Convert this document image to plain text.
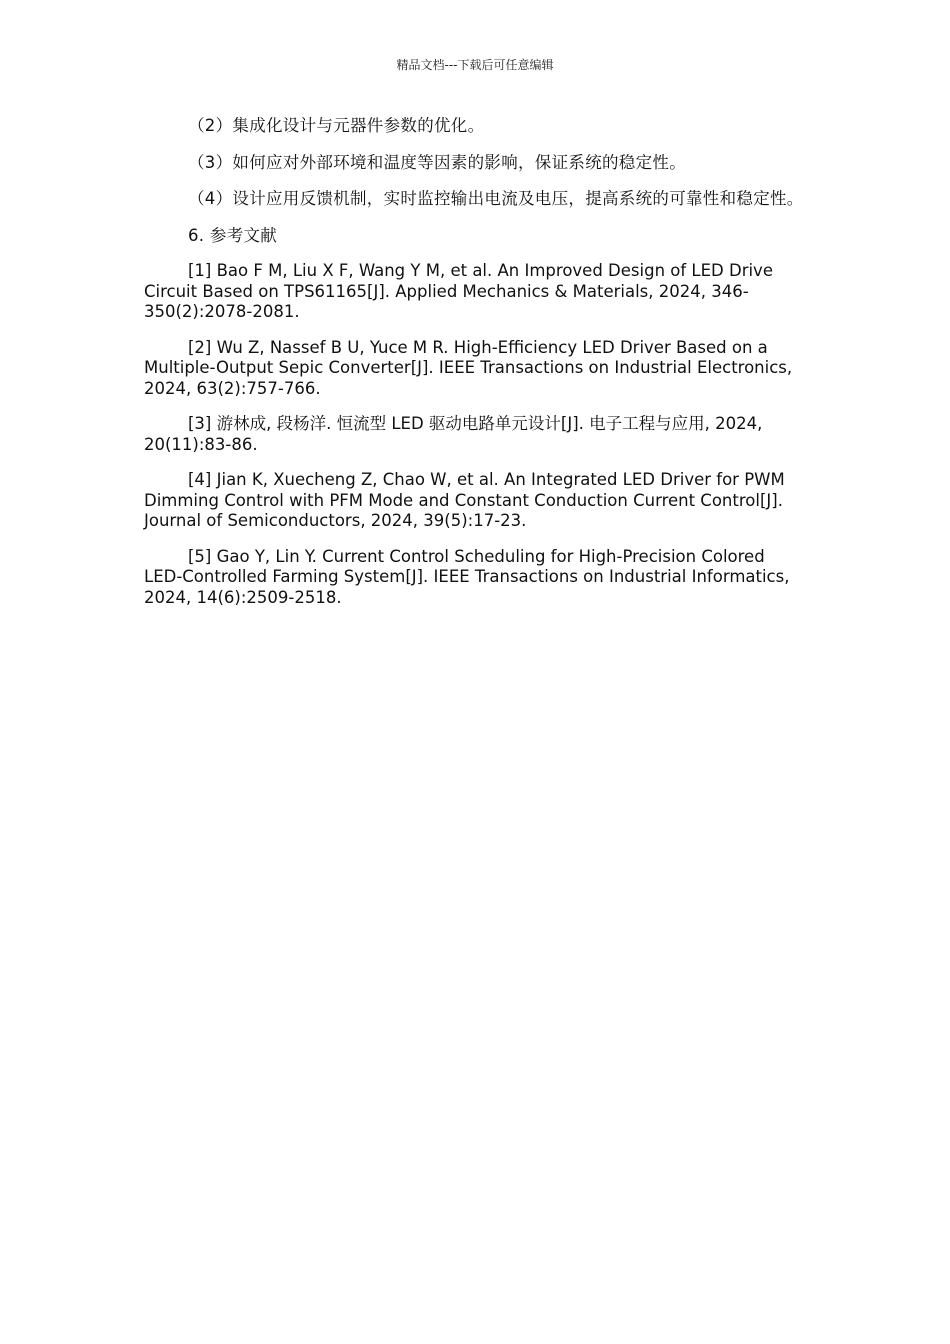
精品文档---下载后可任意编辑

（2）集成化设计与元器件参数的优化。

（3）如何应对外部环境和温度等因素的影响，保证系统的稳定性。

（4）设计应用反馈机制，实时监控输出电流及电压，提高系统的可靠性和稳定性。

6. 参考文献

[1] Bao F M, Liu X F, Wang Y M, et al. An Improved Design of LED Drive Circuit Based on TPS61165[J]. Applied Mechanics & Materials, 2024, 346-350(2):2078-2081.

[2] Wu Z, Nassef B U, Yuce M R. High-Efficiency LED Driver Based on a Multiple-Output Sepic Converter[J]. IEEE Transactions on Industrial Electronics, 2024, 63(2):757-766.

[3] 游林成, 段杨洋. 恒流型 LED 驱动电路单元设计[J]. 电子工程与应用, 2024, 20(11):83-86.

[4] Jian K, Xuecheng Z, Chao W, et al. An Integrated LED Driver for PWM Dimming Control with PFM Mode and Constant Conduction Current Control[J]. Journal of Semiconductors, 2024, 39(5):17-23.

[5] Gao Y, Lin Y. Current Control Scheduling for High-Precision Colored LED-Controlled Farming System[J]. IEEE Transactions on Industrial Informatics, 2024, 14(6):2509-2518.
